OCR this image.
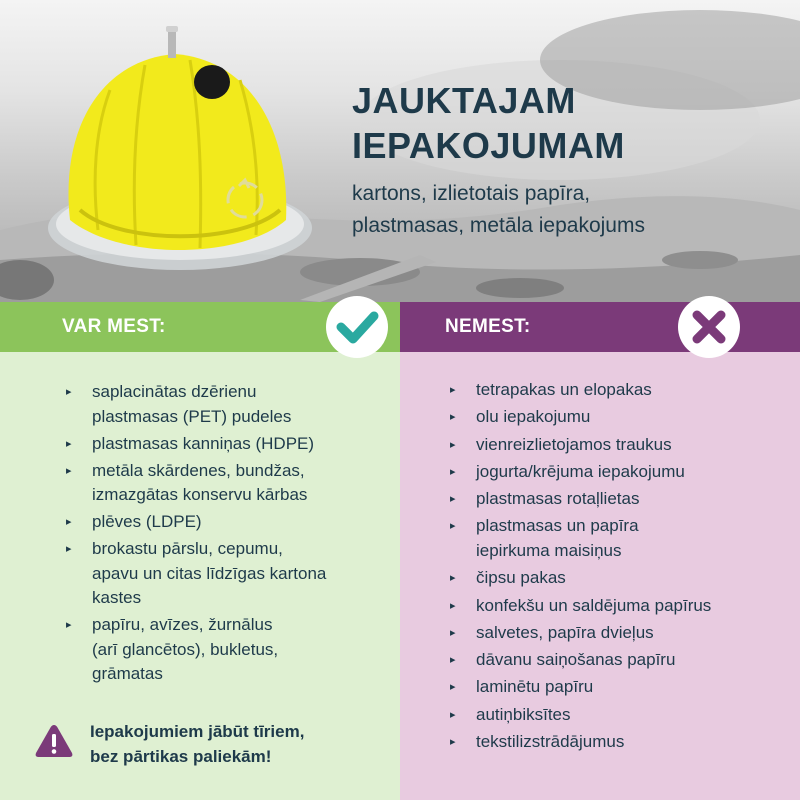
JAUKTAJAM
IEPAKOJUMAM
kartons, izlietotais papīra,
plastmasas, metāla iepakojums
VAR MEST:
▸ saplacinātas dzērienu
plastmasas (PET) pudeles
▸ plastmasas kanniņas (HDPE)
▸ metāla skārdenes, bundžas,
izmazgātas konservu kārbas
▸ plēves (LDPE)
▸ brokastu pārslu, cepumu,
apavu un citas līdzīgas kartona
kastes
▸ papīru, avīzes, žurnālus
(arī glancētos), bukletus,
grāmatas
Iepakojumiem jābūt tīriem,
bez pārtikas paliekām!
NEMEST:
▸ tetrapakas un elopakas
▸ olu iepakojumu
▸ vienreizlietojamos traukus
▸ jogurta/krējuma iepakojumu
▸ plastmasas rotaļlietas
▸ plastmasas un papīra
iepirkuma maisiņus
▸ čipsu pakas
▸ konfekšu un saldējuma papīrus
▸ salvetes, papīra dvieļus
▸ dāvanu saiņošanas papīru
▸ laminētu papīru
▸ autiņbiksītes
▸ tekstilizstrādājumus
